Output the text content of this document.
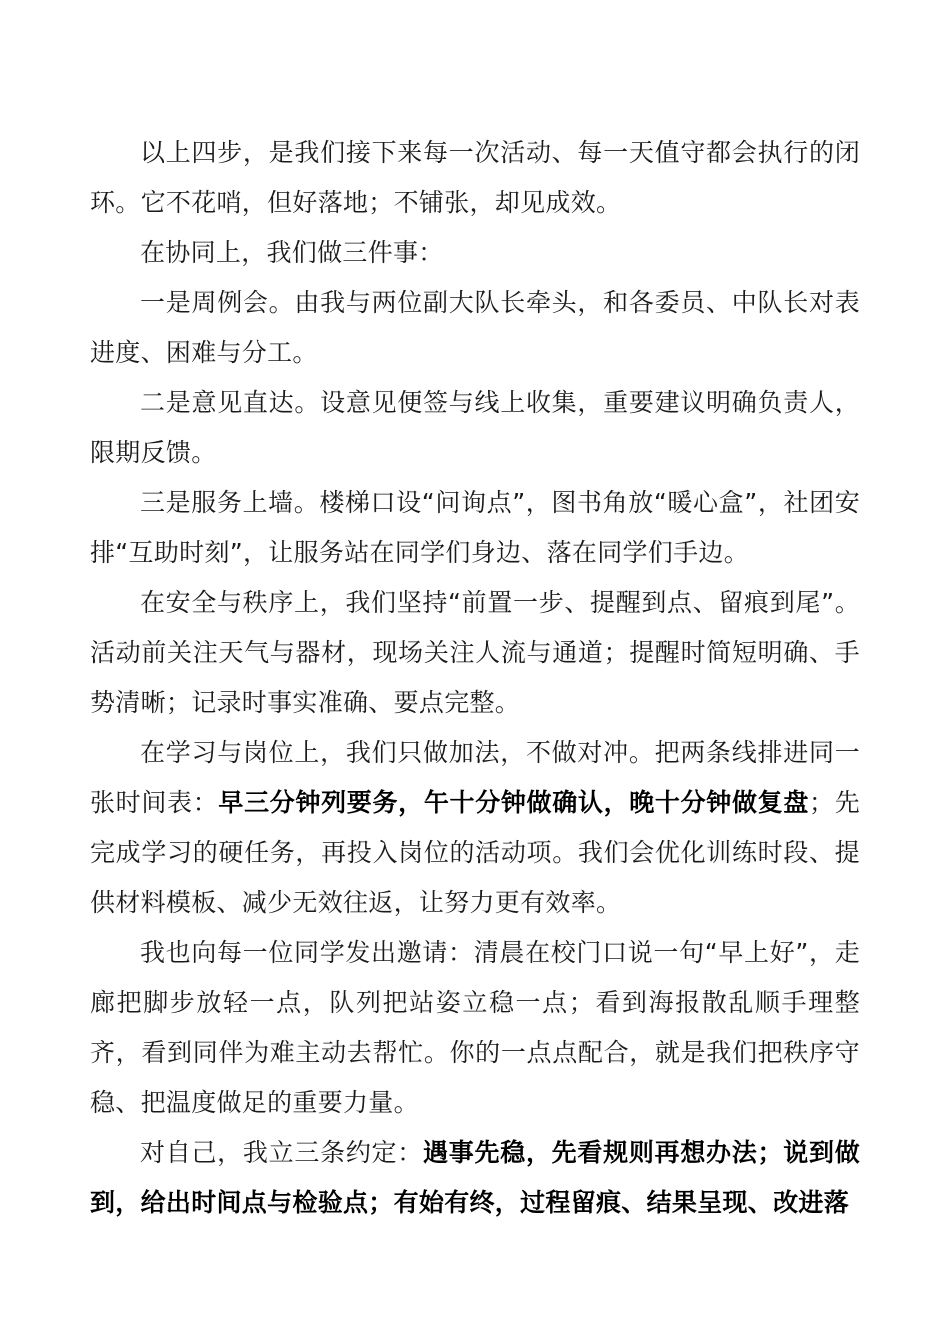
以上四步，是我们接下来每一次活动、每一天值守都会执行的闭环。它不花哨，但好落地；不铺张，却见成效。

在协同上，我们做三件事：

一是周例会。由我与两位副大队长牵头，和各委员、中队长对表进度、困难与分工。

二是意见直达。设意见便签与线上收集，重要建议明确负责人，限期反馈。

三是服务上墙。楼梯口设“问询点”，图书角放“暖心盒”，社团安排“互助时刻”，让服务站在同学们身边、落在同学们手边。

在安全与秩序上，我们坚持“前置一步、提醒到点、留痕到尾”。活动前关注天气与器材，现场关注人流与通道；提醒时简短明确、手势清晰；记录时事实准确、要点完整。

在学习与岗位上，我们只做加法，不做对冲。把两条线排进同一张时间表：早三分钟列要务，午十分钟做确认，晚十分钟做复盘；先完成学习的硬任务，再投入岗位的活动项。我们会优化训练时段、提供材料模板、减少无效往返，让努力更有效率。

我也向每一位同学发出邀请：清晨在校门口说一句“早上好”，走廊把脚步放轻一点，队列把站姿立稳一点；看到海报散乱顺手理整齐，看到同伴为难主动去帮忙。你的一点点配合，就是我们把秩序守稳、把温度做足的重要力量。

对自己，我立三条约定：遇事先稳，先看规则再想办法；说到做到，给出时间点与检验点；有始有终，过程留痕、结果呈现、改进落
